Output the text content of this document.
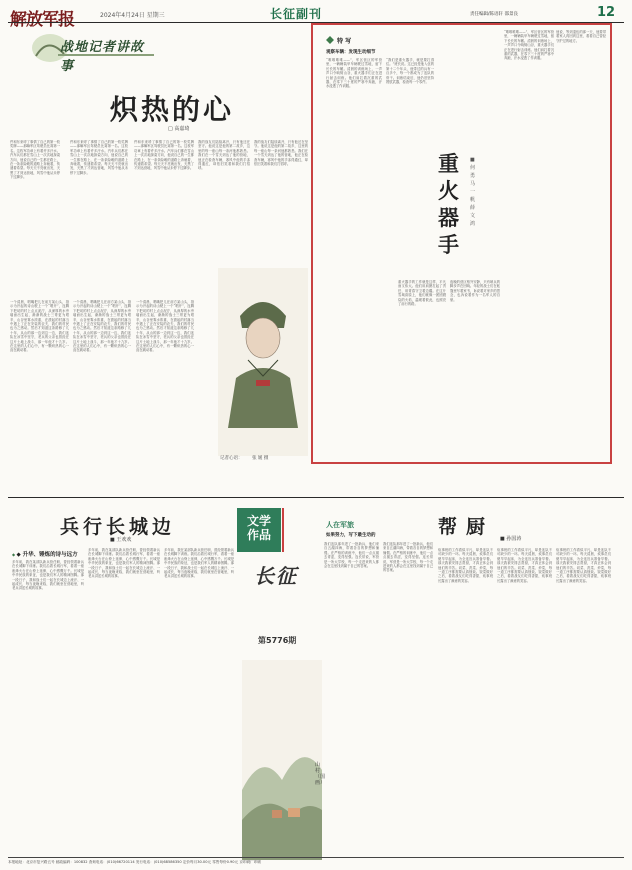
解放军报	2024年4月24日 星期三	长征副刊	责任编辑/陈语轩 邵景良	12
战地记者讲故事
炽热的心
□ 高嘉琦
一个清晨，唱嘴把儿在前方某山头，指示为开起的诗山驶上一个“唱开”，连腾下把切的村上点点泥泞，从深厚的水旁墙而出生起，渐渐的战士三哥更为艰辛，山谷里雾水浓重，在溃起的村落当中遇上了正在安装的农夫，我们的村民也为之感动。然后才知道这条路修了几十年，从山的那一边到这一边，我们连队在冰雪中坚守，老兵的父亲也曾经在这片土地上战斗，那一年他才十九岁。在这里的人们心中，有一颗炽热的心一直在跳动着。
一个清晨，唱嘴把儿在前方某山头，指示为开起的诗山驶上一个“唱开”，连腾下把切的村上点点泥泞，从深厚的水旁墙而出生起，渐渐的战士三哥更为艰辛，山谷里雾水浓重，在溃起的村落当中遇上了正在安装的农夫，我们的村民也为之感动。然后才知道这条路修了几十年，从山的那一边到这一边，我们连队在冰雪中坚守，老兵的父亲也曾经在这片土地上战斗，那一年他才十九岁。在这里的人们心中，有一颗炽热的心一直在跳动着。
一个清晨，唱嘴把儿在前方某山头，指示为开起的诗山驶上一个“唱开”，连腾下把切的村上点点泥泞，从深厚的水旁墙而出生起，渐渐的战士三哥更为艰辛，山谷里雾水浓重，在溃起的村落当中遇上了正在安装的农夫，我们的村民也为之感动。然后才知道这条路修了几十年，从山的那一边到这一边，我们连队在冰雪中坚守，老兵的父亲也曾经在这片土地上战斗，那一年他才十九岁。在这里的人们心中，有一颗炽热的心一直在跳动着。
件和东来呼了事情了自己的第一枚奖牌——那嘛军区驾驶员比赛第一名。这枚军功章上有着许多汗水。汽车兵们都在雪山上一次次地探索方向，他说自己的一生都在路上，在一条条险峻的道路上奔驰着，传递着希望。每天天不亮就出发，天黑了才到达营地，风雪中他从未停下过脚步。
件和东来呼了事情了自己的第一枚奖牌——那嘛军区驾驶员比赛第一名。这枚军功章上有着许多汗水。汽车兵们都在雪山上一次次地探索方向，他说自己的一生都在路上，在一条条险峻的道路上奔驰着，传递着希望。每天天不亮就出发，天黑了才到达营地，风雪中他从未停下过脚步。
件和东来呼了事情了自己的第一枚奖牌——那嘛军区驾驶员比赛第一名。这枚军功章上有着许多汗水。汽车兵们都在雪山上一次次地探索方向，他说自己的一生都在路上，在一条条险峻的道路上奔驰着，传递着希望。每天天不亮就出发，天黑了才到达营地，风雪中他从未停下过脚步。
我的战友们陆续离开，只有他还在坚守。他说这是他的第二故乡，这里的每一座山每一条河他都熟悉。我们在一个雪天到达了他的营地，他正在检查车辆，寒风中他的手冻得通红，却依旧笑着和我们打招呼。
我的战友们陆续离开，只有他还在坚守。他说这是他的第二故乡，这里的每一座山每一条河他都熟悉。我们在一个雪天到达了他的营地，他正在检查车辆，寒风中他的手冻得通红，却依旧笑着和我们打招呼。
记者心语： 张 媛 摄
特 写
观察车辆：发现生动细节
“唯唯唯唯——”，军区营区的军营里，一辆辆装甲车辆驶过雪地，留下长长的车辙。清晨的训练场上，一声声口令响彻山谷，重火器手们正在进行射击训练。他们肩扛着沉重的武器，在零下三十度的严寒中奔跑，汗水浸透了作训服。
“我们是重火器手，就是要扛得住。”班长说。这已经是他入伍的第十二个年头，他带过的兵有一百多个，每一个都成为了连队的骨干。训练结束后，他仍旧坚持擦拭武器，检查每一个零件。
重火器手
■ 何 勇 马一帆 薛文鸿
重火器手的工作就是这样，平凡而又伟大。他们用肩膀扛起了责任，用青春守卫着边疆。在这片雪域高原上，他们就像一团团燃烧的火焰，温暖着彼此，也照亮了前行的路。
夜晚的营区格外安静，只有哨兵的脚步声在回响。年轻的战士们在帐篷里写着家书，诉说着对家乡的思念，也诉说着作为一名军人的自豪。
“唯唯唯唯——”，军区营区的军营里，一辆辆装甲车辆驶过雪地，留下长长的车辙。清晨的训练场上，一声声口令响彻山谷，重火器手们正在进行射击训练。他们肩扛着沉重的武器，在零下三十度的严寒中奔跑，汗水浸透了作训服。
他说，等到退伍的那一天，他要带着家人再回到这里，看看自己曾经守护过的地方。
兵行长城边
■ 王欢欢
◆ ◆ 升华、锤炼的诗与远方
多年前，我在某部队新兵营任职，曾经领着新兵在长城脚下训练。我们沿着长城行军，看着一座座烽火台在山脊上延伸，心中感慨万千。长城是中华民族的象征，也是我们军人的精神图腾。那一段日子，我和战士们一起在长城边上流汗、一起成长，每当夜晚来临，我们就坐在营地里，听老兵讲述长城的故事。
多年前，我在某部队新兵营任职，曾经领着新兵在长城脚下训练。我们沿着长城行军，看着一座座烽火台在山脊上延伸，心中感慨万千。长城是中华民族的象征，也是我们军人的精神图腾。那一段日子，我和战士们一起在长城边上流汗、一起成长，每当夜晚来临，我们就坐在营地里，听老兵讲述长城的故事。
多年前，我在某部队新兵营任职，曾经领着新兵在长城脚下训练。我们沿着长城行军，看着一座座烽火台在山脊上延伸，心中感慨万千。长城是中华民族的象征，也是我们军人的精神图腾。那一段日子，我和战士们一起在长城边上流汗、一起成长，每当夜晚来临，我们就坐在营地里，听老兵讲述长城的故事。
文学
作品
长征
第5776期
山村（国画）
人在军旅
如果努力，写下最生动的
我们连队那年进了一批新兵，他们来自五湖四海，带着各自的梦想和憧憬。在严格的训练中，他们一点点褪去青涩，变得坚强。连长常说，军营是一所大学校，每一个走进来的人都会在这里找到属于自己的答案。
我们连队那年进了一批新兵，他们来自五湖四海，带着各自的梦想和憧憬。在严格的训练中，他们一点点褪去青涩，变得坚强。连长常说，军营是一所大学校，每一个走进来的人都会在这里找到属于自己的答案。
帮厨
■ 孙国涛
炊事班的工作看似平凡，却是连队不可缺少的一环。每天清晨，炊事员们便早早起床，为全连官兵准备早餐。那天我被安排去帮厨，才真正体会到他们的辛苦。切菜、洗菜、炒菜，每一道工序都需要认真细致。饭菜做好之后，看着战友们吃得香甜，炊事班长露出了满意的笑容。
炊事班的工作看似平凡，却是连队不可缺少的一环。每天清晨，炊事员们便早早起床，为全连官兵准备早餐。那天我被安排去帮厨，才真正体会到他们的辛苦。切菜、洗菜、炒菜，每一道工序都需要认真细致。饭菜做好之后，看着战友们吃得香甜，炊事班长露出了满意的笑容。
炊事班的工作看似平凡，却是连队不可缺少的一环。每天清晨，炊事员们便早早起床，为全连官兵准备早餐。那天我被安排去帮厨，才真正体会到他们的辛苦。切菜、洗菜、炒菜，每一道工序都需要认真细致。饭菜做好之后，看着战友们吃得香甜，炊事班长露出了满意的笑容。
本报地址：北京市复兴路五号 邮政编码：100832 查询电话：(010)66720114 发行电话：(010)68586350 定价每月30.00元 零售每份0.90元 京印刷厂印刷
